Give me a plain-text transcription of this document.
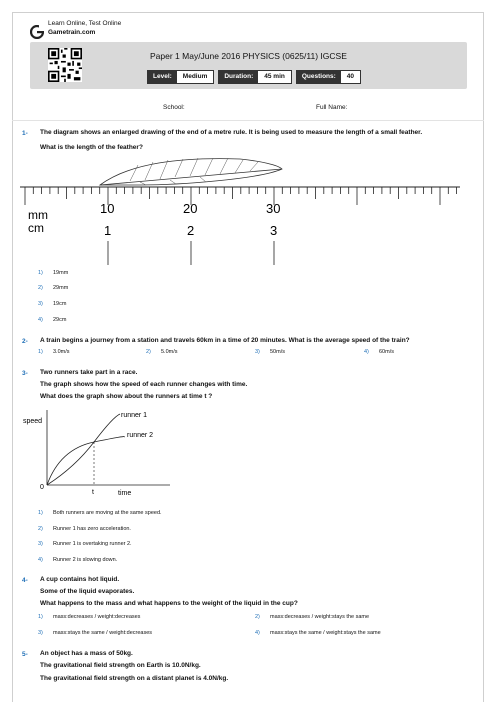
Learn Online, Test Online
Gametrain.com
Paper 1 May/June 2016 PHYSICS (0625/11) IGCSE
Level:	Medium	Duration:	45 min	Questions:	40
School:	Full Name:
1- The diagram shows an enlarged drawing of the end of a metre rule. It is being used to measure the length of a small feather.
What is the length of the feather?
mm
cm
10	20	30
1	2	3
1) 19mm
2) 29mm
3) 19cm
4) 29cm
2- A train begins a journey from a station and travels 60km in a time of 20 minutes. What is the average speed of the train?
1) 3.0m/s	2) 5.0m/s	3) 50m/s	4) 60m/s
3- Two runners take part in a race.
The graph shows how the speed of each runner changes with time.
What does the graph show about the runners at time t ?
speed
time
0
t
runner 1
runner 2
1) Both runners are moving at the same speed.
2) Runner 1 has zero acceleration.
3) Runner 1 is overtaking runner 2.
4) Runner 2 is slowing down.
4- A cup contains hot liquid.
Some of the liquid evaporates.
What happens to the mass and what happens to the weight of the liquid in the cup?
1) mass:decreases / weight:decreases	2) mass:decreases / weight:stays the same
3) mass:stays the same / weight:decreases	4) mass:stays the same / weight:stays the same
5- An object has a mass of 50kg.
The gravitational field strength on Earth is 10.0N/kg.
The gravitational field strength on a distant planet is 4.0N/kg.
